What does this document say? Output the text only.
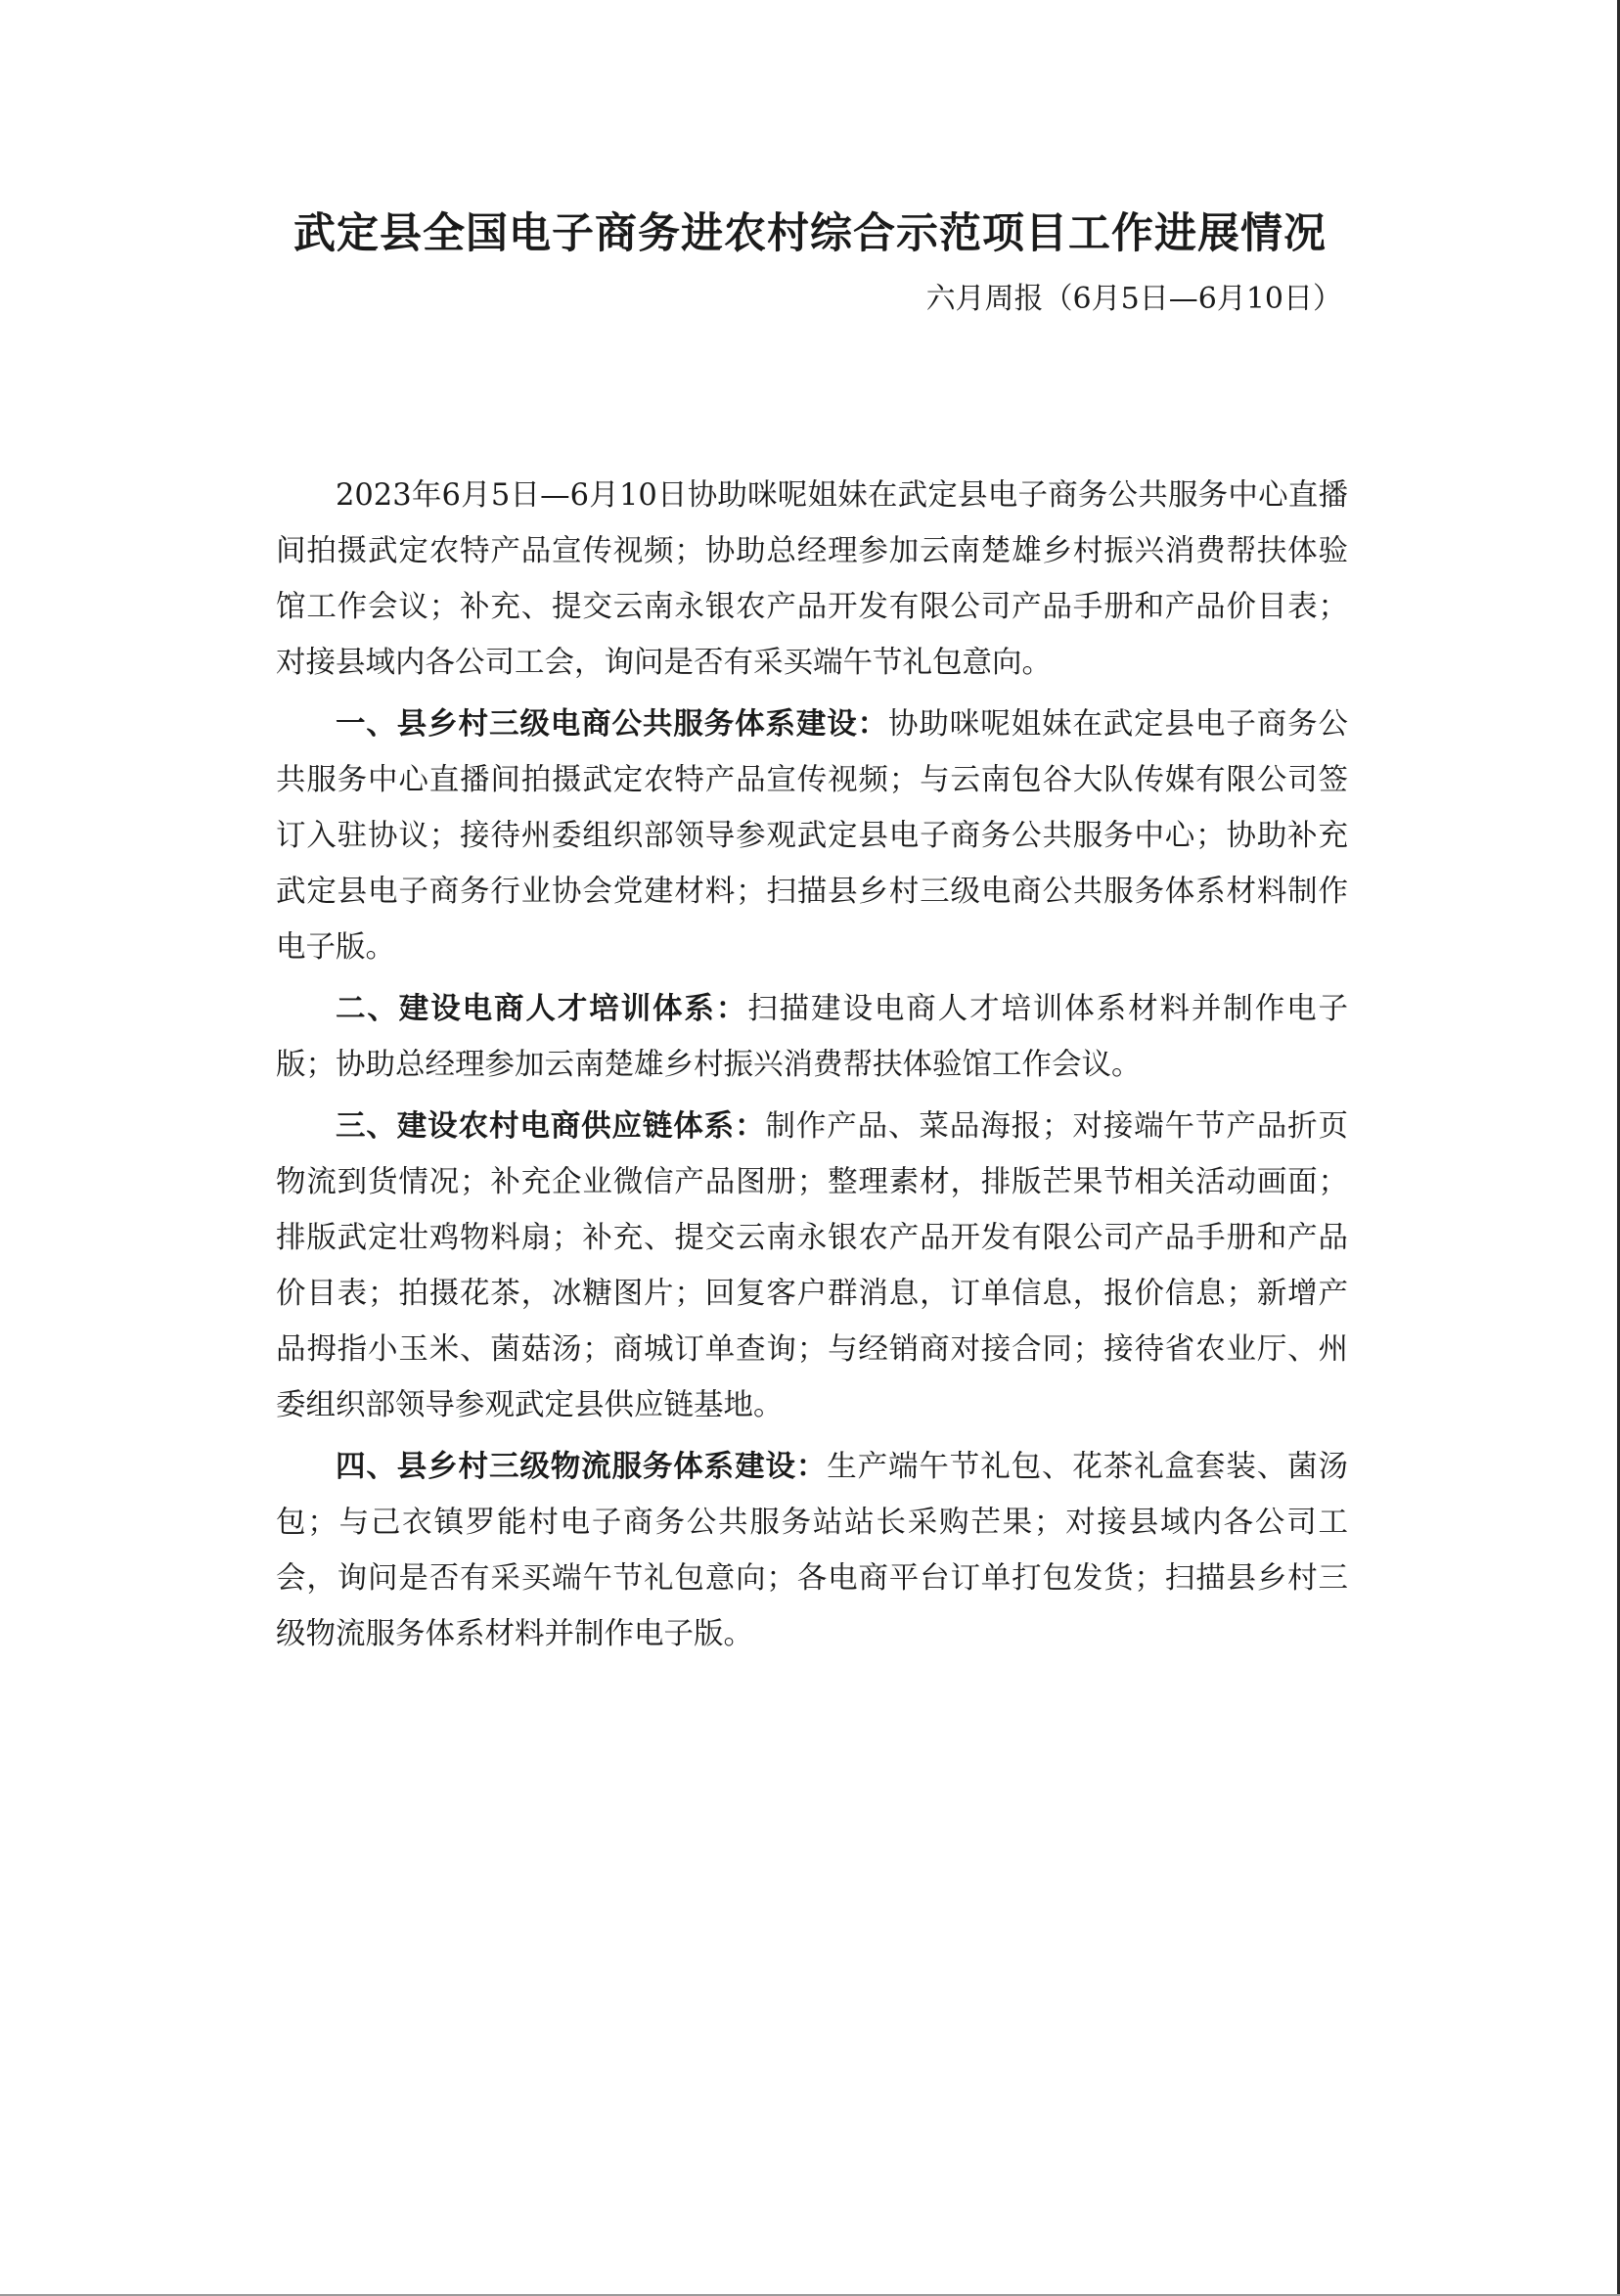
武定县全国电子商务进农村综合示范项目工作进展情况
六月周报（6月5日—6月10日）

2023年6月5日—6月10日协助咪呢姐妹在武定县电子商务公共服务中心直播间拍摄武定农特产品宣传视频；协助总经理参加云南楚雄乡村振兴消费帮扶体验馆工作会议；补充、提交云南永银农产品开发有限公司产品手册和产品价目表；对接县域内各公司工会，询问是否有采买端午节礼包意向。

一、县乡村三级电商公共服务体系建设：协助咪呢姐妹在武定县电子商务公共服务中心直播间拍摄武定农特产品宣传视频；与云南包谷大队传媒有限公司签订入驻协议；接待州委组织部领导参观武定县电子商务公共服务中心；协助补充武定县电子商务行业协会党建材料；扫描县乡村三级电商公共服务体系材料制作电子版。

二、建设电商人才培训体系：扫描建设电商人才培训体系材料并制作电子版；协助总经理参加云南楚雄乡村振兴消费帮扶体验馆工作会议。

三、建设农村电商供应链体系：制作产品、菜品海报；对接端午节产品折页物流到货情况；补充企业微信产品图册；整理素材，排版芒果节相关活动画面；排版武定壮鸡物料扇；补充、提交云南永银农产品开发有限公司产品手册和产品价目表；拍摄花茶，冰糖图片；回复客户群消息，订单信息，报价信息；新增产品拇指小玉米、菌菇汤；商城订单查询；与经销商对接合同；接待省农业厅、州委组织部领导参观武定县供应链基地。

四、县乡村三级物流服务体系建设：生产端午节礼包、花茶礼盒套装、菌汤包；与己衣镇罗能村电子商务公共服务站站长采购芒果；对接县域内各公司工会，询问是否有采买端午节礼包意向；各电商平台订单打包发货；扫描县乡村三级物流服务体系材料并制作电子版。
